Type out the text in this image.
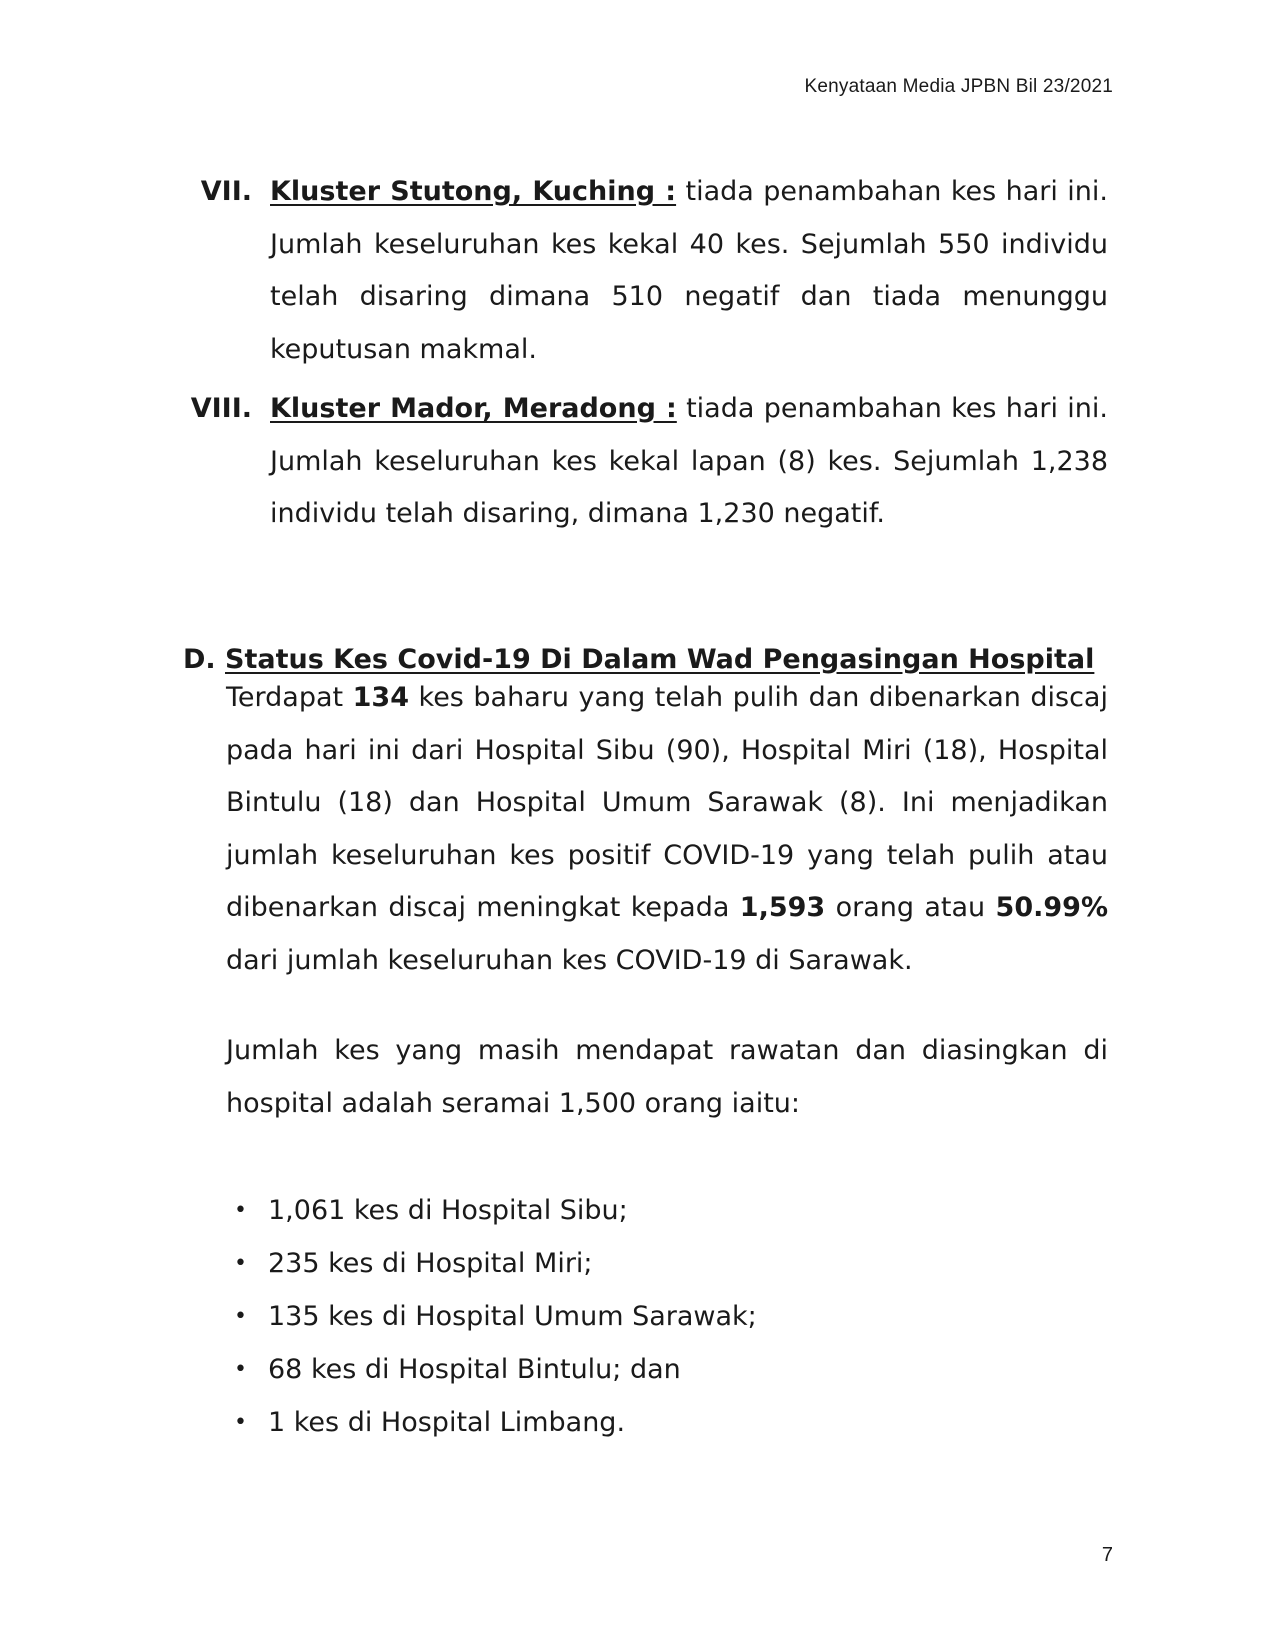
Kenyataan Media JPBN Bil 23/2021
VII. Kluster Stutong, Kuching : tiada penambahan kes hari ini. Jumlah keseluruhan kes kekal 40 kes. Sejumlah 550 individu telah disaring dimana 510 negatif dan tiada menunggu keputusan makmal.
VIII. Kluster Mador, Meradong : tiada penambahan kes hari ini. Jumlah keseluruhan kes kekal lapan (8) kes. Sejumlah 1,238 individu telah disaring, dimana 1,230 negatif.
D. Status Kes Covid-19 Di Dalam Wad Pengasingan Hospital

Terdapat 134 kes baharu yang telah pulih dan dibenarkan discaj pada hari ini dari Hospital Sibu (90), Hospital Miri (18), Hospital Bintulu (18) dan Hospital Umum Sarawak (8). Ini menjadikan jumlah keseluruhan kes positif COVID-19 yang telah pulih atau dibenarkan discaj meningkat kepada 1,593 orang atau 50.99% dari jumlah keseluruhan kes COVID-19 di Sarawak.

Jumlah kes yang masih mendapat rawatan dan diasingkan di hospital adalah seramai 1,500 orang iaitu:

• 1,061 kes di Hospital Sibu;
• 235 kes di Hospital Miri;
• 135 kes di Hospital Umum Sarawak;
• 68 kes di Hospital Bintulu; dan
• 1 kes di Hospital Limbang.
7
